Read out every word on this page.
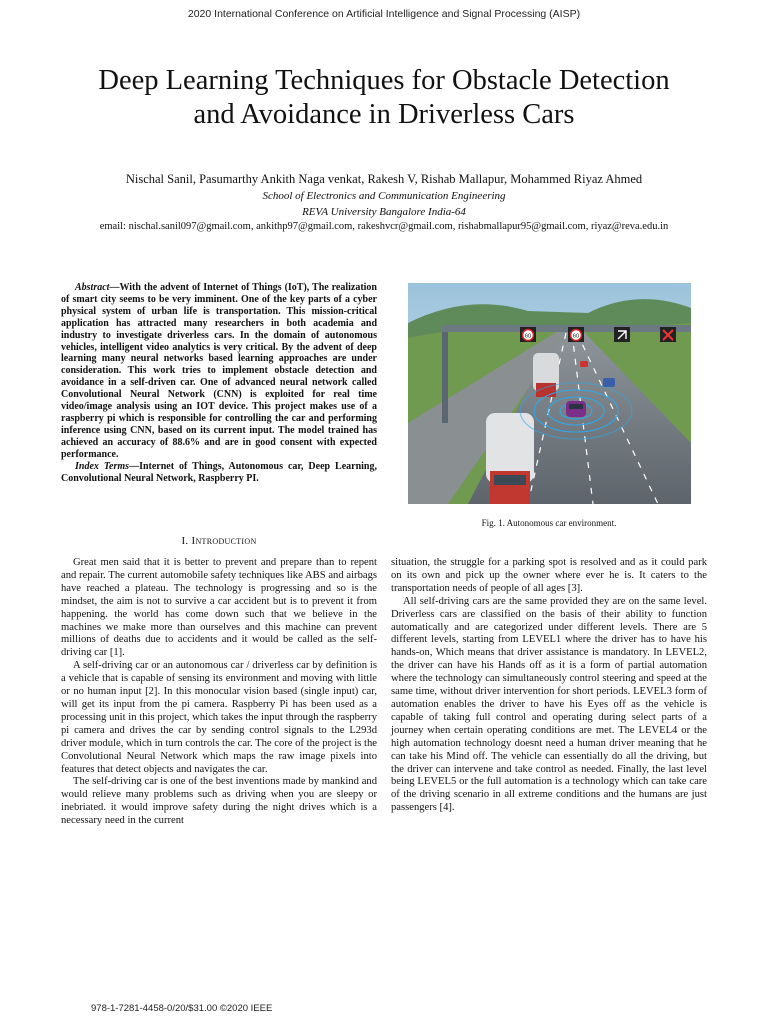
2020 International Conference on Artificial Intelligence and Signal Processing (AISP)
Deep Learning Techniques for Obstacle Detection
and Avoidance in Driverless Cars
Nischal Sanil, Pasumarthy Ankith Naga venkat, Rakesh V, Rishab Mallapur, Mohammed Riyaz Ahmed
School of Electronics and Communication Engineering
REVA University Bangalore India-64
email: nischal.sanil097@gmail.com, ankithp97@gmail.com, rakeshvcr@gmail.com, rishabmallapur95@gmail.com, riyaz@reva.edu.in

Abstract—With the advent of Internet of Things (IoT), The realization of smart city seems to be very imminent. One of the key parts of a cyber physical system of urban life is transportation. This mission-critical application has attracted many researchers in both academia and industry to investigate driverless cars. In the domain of autonomous vehicles, intelligent video analytics is very critical. By the advent of deep learning many neural networks based learning approaches are under consideration. This work tries to implement obstacle detection and avoidance in a self-driven car. One of advanced neural network called Convolutional Neural Network (CNN) is exploited for real time video/image analysis using an IOT device. This project makes use of a raspberry pi which is responsible for controlling the car and performing inference using CNN, based on its current input. The model trained has achieved an accuracy of 88.6% and are in good consent with expected performance.

Index Terms—Internet of Things, Autonomous car, Deep Learning, Convolutional Neural Network, Raspberry PI.

I. Introduction

Great men said that it is better to prevent and prepare than to repent and repair. The current automobile safety techniques like ABS and airbags have reached a plateau. The technology is progressing and so is the mindset, the aim is not to survive a car accident but is to prevent it from happening. the world has come down such that we believe in the machines we make more than ourselves and this machine can prevent millions of deaths due to accidents and it would be called as the self-driving car [1].

A self-driving car or an autonomous car / driverless car by definition is a vehicle that is capable of sensing its environment and moving with little or no human input [2]. In this monocular vision based (single input) car, will get its input from the pi camera. Raspberry Pi has been used as a processing unit in this project, which takes the input through the raspberry pi camera and drives the car by sending control signals to the L293d driver module, which in turn controls the car. The core of the project is the Convolutional Neural Network which maps the raw image pixels into features that detect objects and navigates the car.

The self-driving car is one of the best inventions made by mankind and would relieve many problems such as driving when you are sleepy or inebriated. it would improve safety during the night drives which is a necessary need in the current

situation, the struggle for a parking spot is resolved and as it could park on its own and pick up the owner where ever he is. It caters to the transportation needs of people of all ages [3].

All self-driving cars are the same provided they are on the same level. Driverless cars are classified on the basis of their ability to function automatically and are categorized under different levels. There are 5 different levels, starting from LEVEL1 where the driver has to have his hands-on, Which means that driver assistance is mandatory. In LEVEL2, the driver can have his Hands off as it is a form of partial automation where the technology can simultaneously control steering and speed at the same time, without driver intervention for short periods. LEVEL3 form of automation enables the driver to have his Eyes off as the vehicle is capable of taking full control and operating during select parts of a journey when certain operating conditions are met. The LEVEL4 or the high automation technology doesnt need a human driver meaning that he can take his Mind off. The vehicle can essentially do all the driving, but the driver can intervene and take control as needed. Finally, the last level being LEVEL5 or the full automation is a technology which can take care of the driving scenario in all extreme conditions and the humans are just passengers [4].

60	60
Fig. 1. Autonomous car environment.
978-1-7281-4458-0/20/$31.00 ©2020 IEEE
